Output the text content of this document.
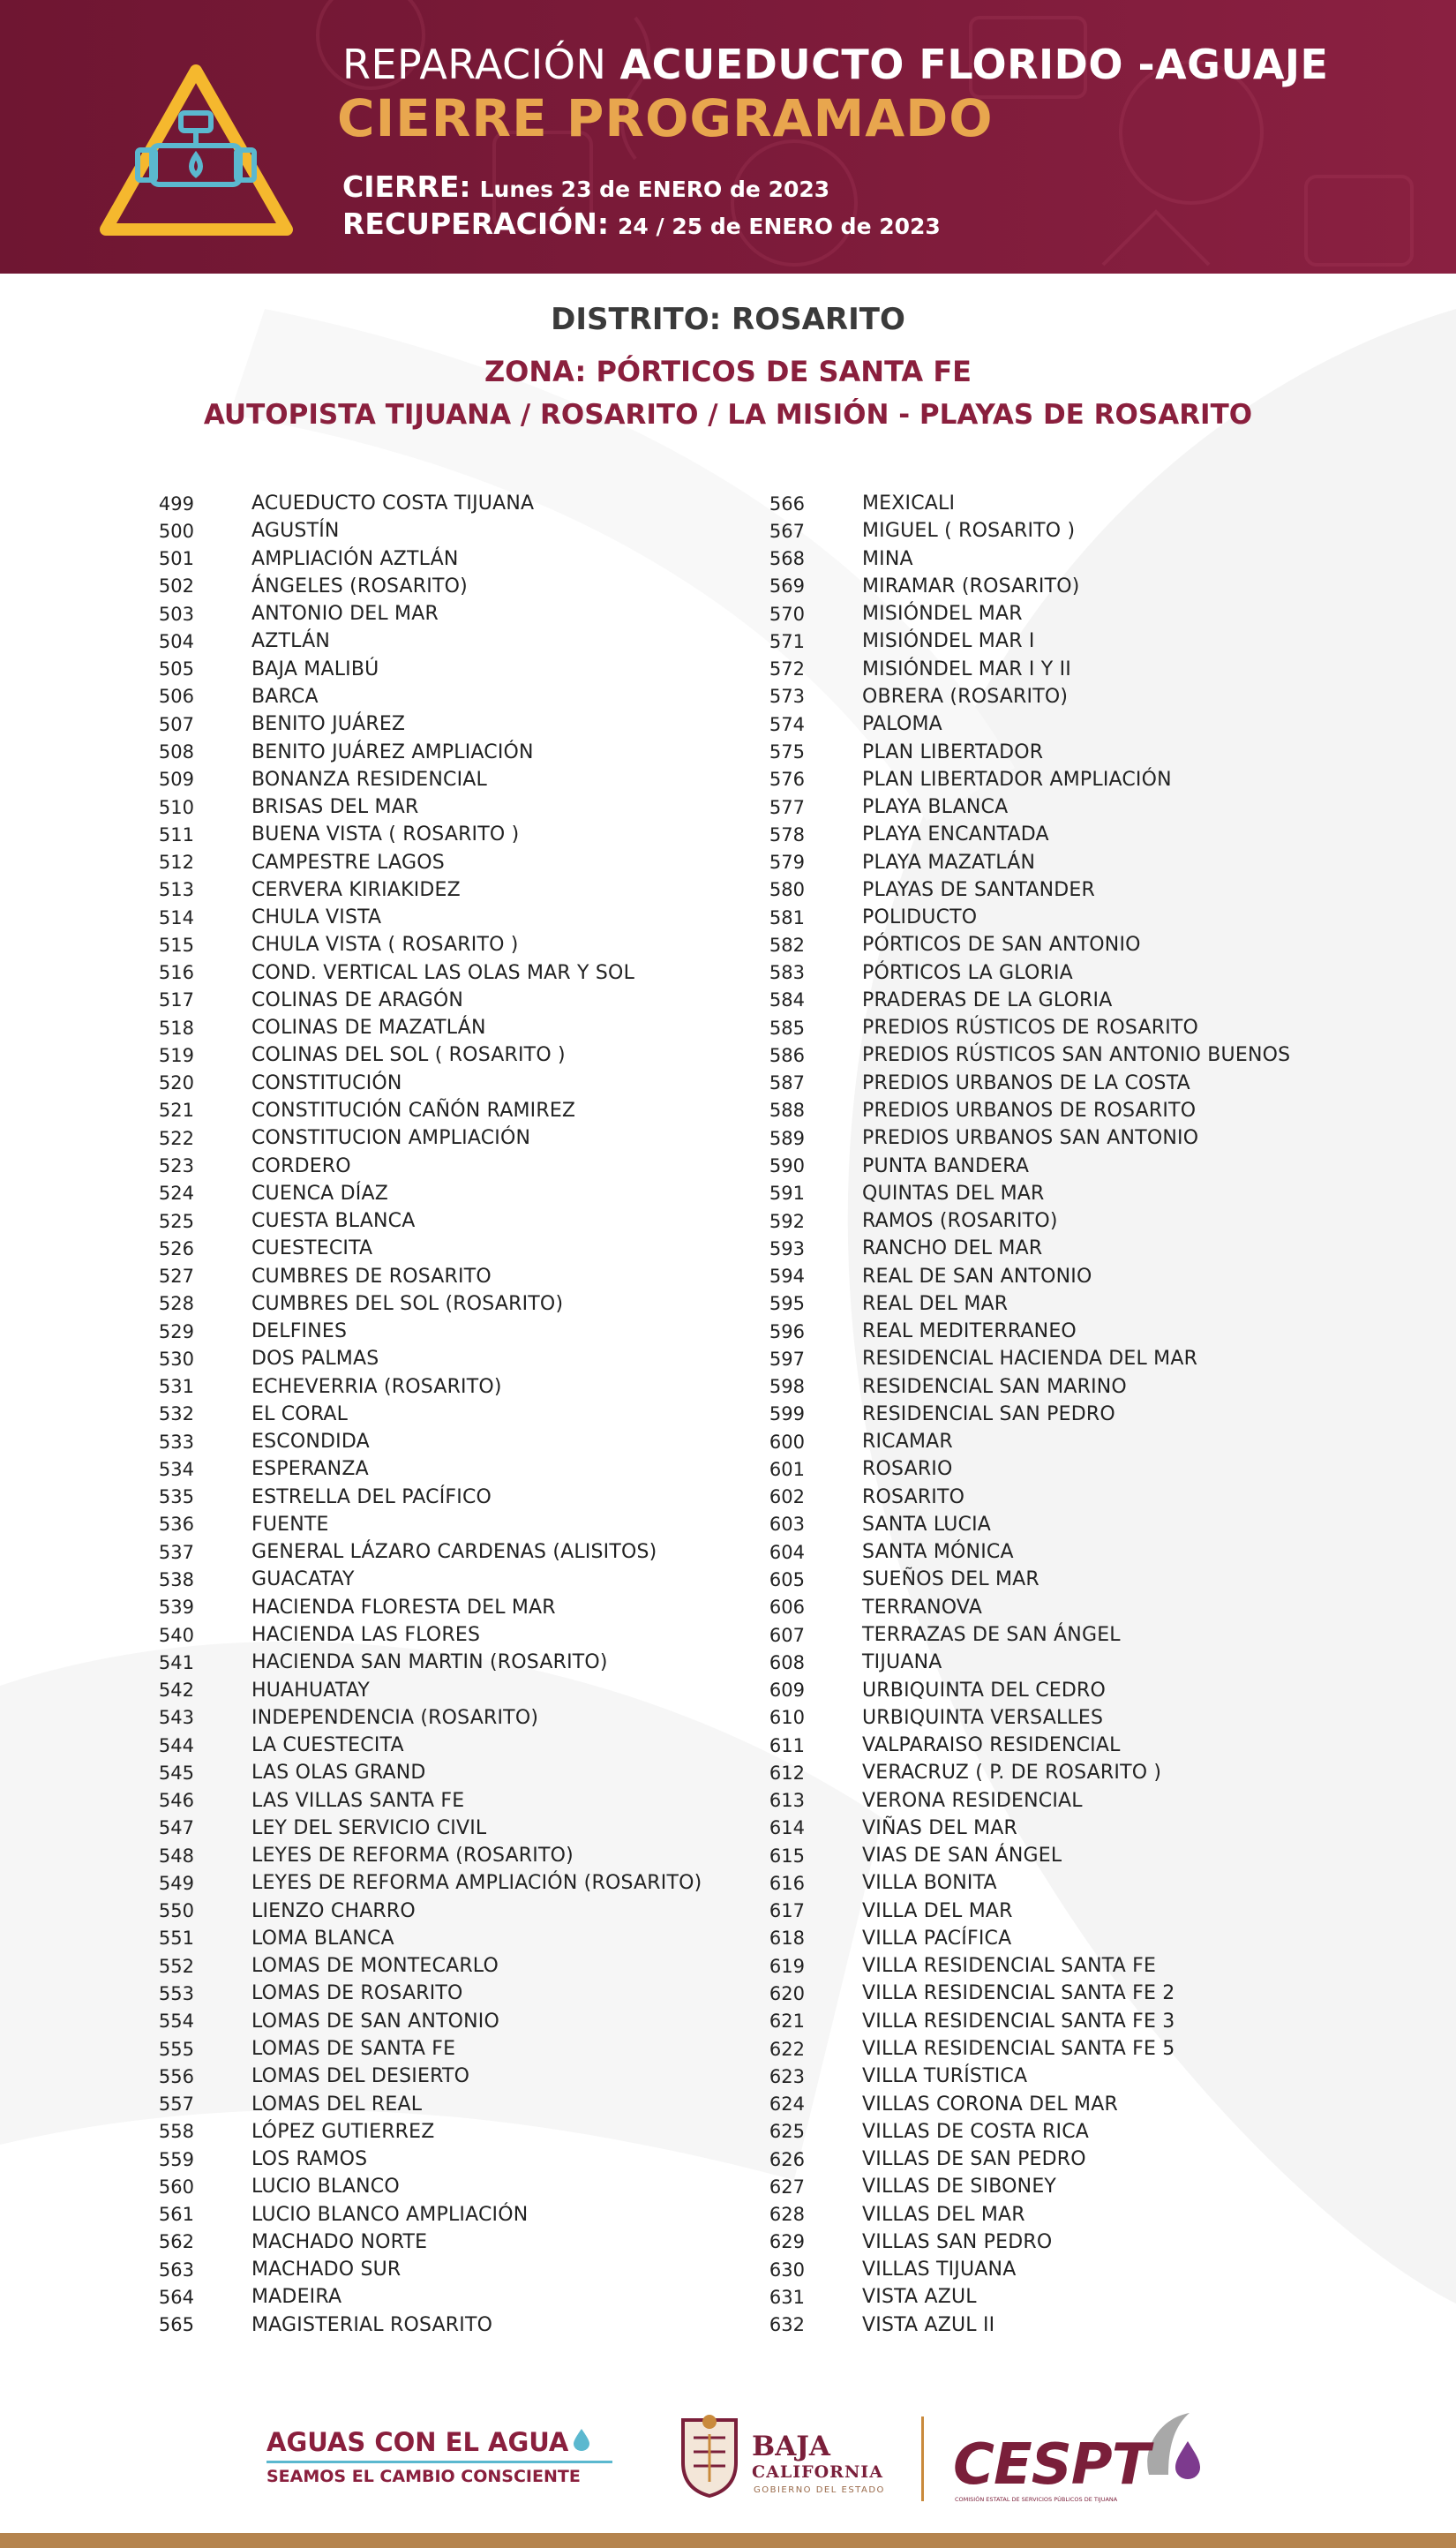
REPARACIÓN ACUEDUCTO FLORIDO -AGUAJE
CIERRE PROGRAMADO
CIERRE: Lunes 23 de ENERO de 2023
RECUPERACIÓN: 24 / 25 de ENERO de 2023
DISTRITO: ROSARITO
ZONA: PÓRTICOS DE SANTA FE
AUTOPISTA TIJUANA / ROSARITO / LA MISIÓN - PLAYAS DE ROSARITO
499	ACUEDUCTO COSTA TIJUANA
500	AGUSTÍN
501	AMPLIACIÓN AZTLÁN
502	ÁNGELES (ROSARITO)
503	ANTONIO DEL MAR
504	AZTLÁN
505	BAJA MALIBÚ
506	BARCA
507	BENITO JUÁREZ
508	BENITO JUÁREZ AMPLIACIÓN
509	BONANZA RESIDENCIAL
510	BRISAS DEL MAR
511	BUENA VISTA ( ROSARITO )
512	CAMPESTRE LAGOS
513	CERVERA KIRIAKIDEZ
514	CHULA VISTA
515	CHULA VISTA ( ROSARITO )
516	COND. VERTICAL LAS OLAS MAR Y SOL
517	COLINAS DE ARAGÓN
518	COLINAS DE MAZATLÁN
519	COLINAS DEL SOL ( ROSARITO )
520	CONSTITUCIÓN
521	CONSTITUCIÓN CAÑÓN RAMIREZ
522	CONSTITUCION AMPLIACIÓN
523	CORDERO
524	CUENCA DÍAZ
525	CUESTA BLANCA
526	CUESTECITA
527	CUMBRES DE ROSARITO
528	CUMBRES DEL SOL (ROSARITO)
529	DELFINES
530	DOS PALMAS
531	ECHEVERRIA (ROSARITO)
532	EL CORAL
533	ESCONDIDA
534	ESPERANZA
535	ESTRELLA DEL PACÍFICO
536	FUENTE
537	GENERAL LÁZARO CARDENAS (ALISITOS)
538	GUACATAY
539	HACIENDA FLORESTA DEL MAR
540	HACIENDA LAS FLORES
541	HACIENDA SAN MARTIN (ROSARITO)
542	HUAHUATAY
543	INDEPENDENCIA (ROSARITO)
544	LA CUESTECITA
545	LAS OLAS GRAND
546	LAS VILLAS SANTA FE
547	LEY DEL SERVICIO CIVIL
548	LEYES DE REFORMA (ROSARITO)
549	LEYES DE REFORMA AMPLIACIÓN (ROSARITO)
550	LIENZO CHARRO
551	LOMA BLANCA
552	LOMAS DE MONTECARLO
553	LOMAS DE ROSARITO
554	LOMAS DE SAN ANTONIO
555	LOMAS DE SANTA FE
556	LOMAS DEL DESIERTO
557	LOMAS DEL REAL
558	LÓPEZ GUTIERREZ
559	LOS RAMOS
560	LUCIO BLANCO
561	LUCIO BLANCO AMPLIACIÓN
562	MACHADO NORTE
563	MACHADO SUR
564	MADEIRA
565	MAGISTERIAL ROSARITO
566	MEXICALI
567	MIGUEL ( ROSARITO )
568	MINA
569	MIRAMAR (ROSARITO)
570	MISIÓNDEL MAR
571	MISIÓNDEL MAR I
572	MISIÓNDEL MAR I Y II
573	OBRERA (ROSARITO)
574	PALOMA
575	PLAN LIBERTADOR
576	PLAN LIBERTADOR AMPLIACIÓN
577	PLAYA BLANCA
578	PLAYA ENCANTADA
579	PLAYA MAZATLÁN
580	PLAYAS DE SANTANDER
581	POLIDUCTO
582	PÓRTICOS DE SAN ANTONIO
583	PÓRTICOS LA GLORIA
584	PRADERAS DE LA GLORIA
585	PREDIOS RÚSTICOS DE ROSARITO
586	PREDIOS RÚSTICOS SAN ANTONIO BUENOS
587	PREDIOS URBANOS DE LA COSTA
588	PREDIOS URBANOS DE ROSARITO
589	PREDIOS URBANOS SAN ANTONIO
590	PUNTA BANDERA
591	QUINTAS DEL MAR
592	RAMOS (ROSARITO)
593	RANCHO DEL MAR
594	REAL DE SAN ANTONIO
595	REAL DEL MAR
596	REAL MEDITERRANEO
597	RESIDENCIAL HACIENDA DEL MAR
598	RESIDENCIAL SAN MARINO
599	RESIDENCIAL SAN PEDRO
600	RICAMAR
601	ROSARIO
602	ROSARITO
603	SANTA LUCIA
604	SANTA MÓNICA
605	SUEÑOS DEL MAR
606	TERRANOVA
607	TERRAZAS DE SAN ÁNGEL
608	TIJUANA
609	URBIQUINTA DEL CEDRO
610	URBIQUINTA VERSALLES
611	VALPARAISO RESIDENCIAL
612	VERACRUZ ( P. DE ROSARITO )
613	VERONA RESIDENCIAL
614	VIÑAS DEL MAR
615	VIAS DE SAN ÁNGEL
616	VILLA BONITA
617	VILLA DEL MAR
618	VILLA PACÍFICA
619	VILLA RESIDENCIAL SANTA FE
620	VILLA RESIDENCIAL SANTA FE 2
621	VILLA RESIDENCIAL SANTA FE 3
622	VILLA RESIDENCIAL SANTA FE 5
623	VILLA TURÍSTICA
624	VILLAS CORONA DEL MAR
625	VILLAS DE COSTA RICA
626	VILLAS DE SAN PEDRO
627	VILLAS DE SIBONEY
628	VILLAS DEL MAR
629	VILLAS SAN PEDRO
630	VILLAS TIJUANA
631	VISTA AZUL
632	VISTA AZUL II
AGUAS CON EL AGUA
SEAMOS EL CAMBIO CONSCIENTE
BAJA
CALIFORNIA
GOBIERNO DEL ESTADO CESPT
COMISIÓN ESTATAL DE SERVICIOS PÚBLICOS DE TIJUANA
